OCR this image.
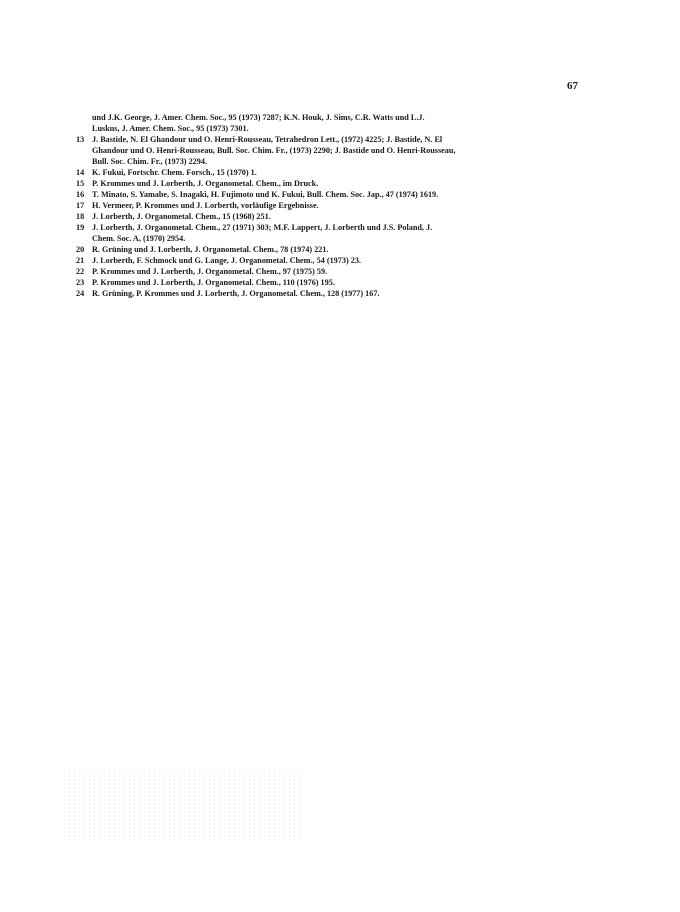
67
und J.K. George, J. Amer. Chem. Soc., 95 (1973) 7287; K.N. Houk, J. Sims, C.R. Watts und L.J.
Luskus, J. Amer. Chem. Soc., 95 (1973) 7301.
13 J. Bastide, N. El Ghandour und O. Henri-Rousseau, Tetrahedron Lett., (1972) 4225; J. Bastide, N. El
Ghandour und O. Henri-Rousseau, Bull. Soc. Chim. Fr., (1973) 2290; J. Bastide und O. Henri-Rousseau,
Bull. Soc. Chim. Fr., (1973) 2294.
14 K. Fukui, Fortschr. Chem. Forsch., 15 (1970) 1.
15 P. Krommes und J. Lorberth, J. Organometal. Chem., im Druck.
16 T. Minato, S. Yamabe, S. Inagaki, H. Fujimoto und K. Fukui, Bull. Chem. Soc. Jap., 47 (1974) 1619.
17 H. Vermeer, P. Krommes und J. Lorberth, vorläufige Ergebnisse.
18 J. Lorberth, J. Organometal. Chem., 15 (1968) 251.
19 J. Lorberth, J. Organometal. Chem., 27 (1971) 303; M.F. Lappert, J. Lorberth und J.S. Poland, J.
Chem. Soc. A, (1970) 2954.
20 R. Grüning und J. Lorberth, J. Organometal. Chem., 78 (1974) 221.
21 J. Lorberth, F. Schmock und G. Lange, J. Organometal. Chem., 54 (1973) 23.
22 P. Krommes und J. Lorberth, J. Organometal. Chem., 97 (1975) 59.
23 P. Krommes und J. Lorberth, J. Organometal. Chem., 110 (1976) 195.
24 R. Grüning, P. Krommes und J. Lorberth, J. Organometal. Chem., 128 (1977) 167.
